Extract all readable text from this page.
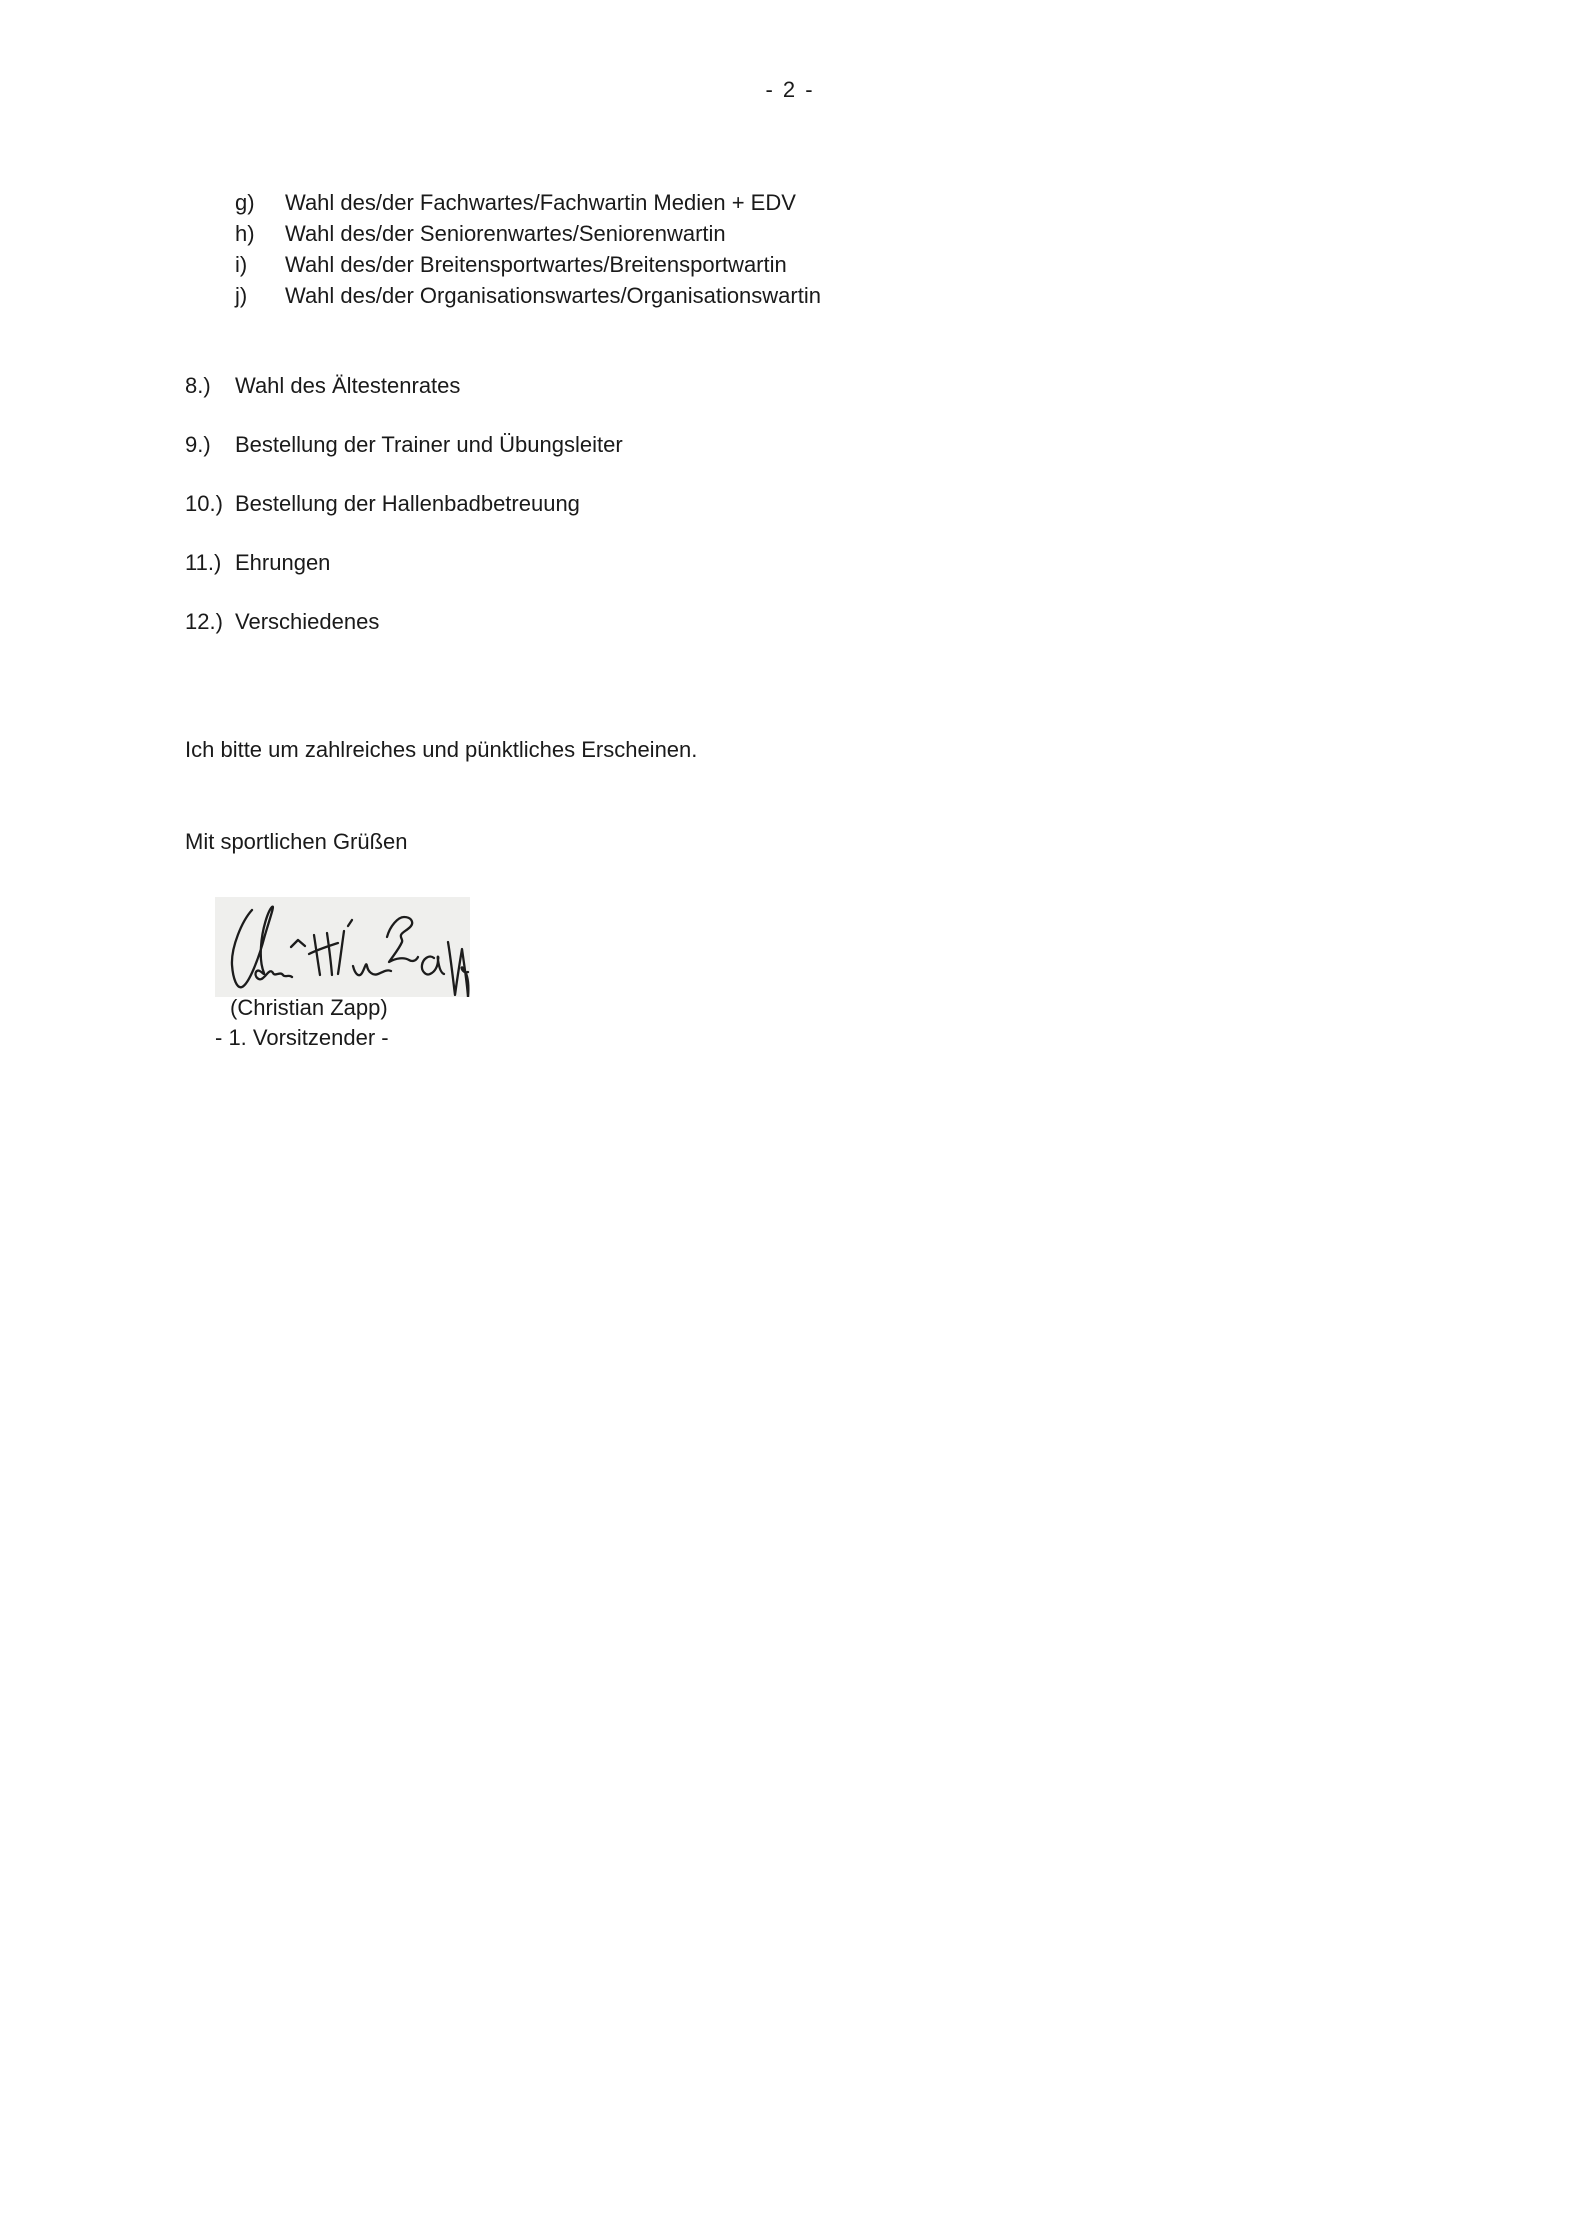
- 2 -
g)	Wahl des/der Fachwartes/Fachwartin Medien + EDV
h)	Wahl des/der Seniorenwartes/Seniorenwartin
i)	Wahl des/der Breitensportwartes/Breitensportwartin
j)	Wahl des/der Organisationswartes/Organisationswartin
8.)	Wahl des Ältestenrates
9.)	Bestellung der Trainer und Übungsleiter
10.) Bestellung der Hallenbadbetreuung
11.) Ehrungen
12.) Verschiedenes
Ich bitte um zahlreiches und pünktliches Erscheinen.
Mit sportlichen Grüßen
(Christian Zapp)
- 1. Vorsitzender -
